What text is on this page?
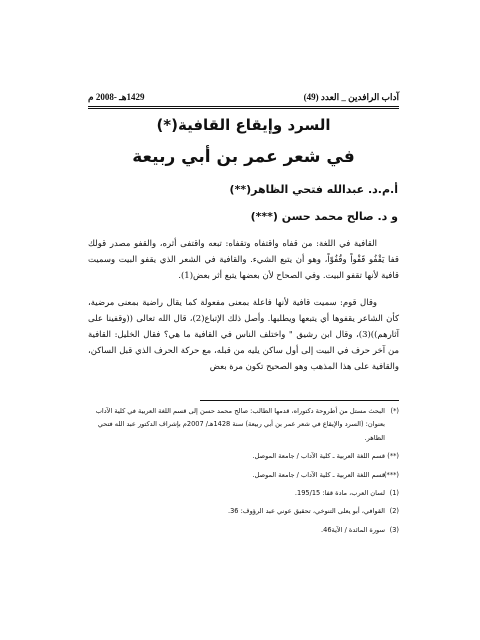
آداب الرافدين _ العدد (49)
1429هـ -2008 م
السرد وإيقاع القافية(*)
في شعر عمر بن أبي ربيعة
أ.م.د. عبدالله فتحي الظاهر(**)
و د. صالح محمد حسن (***)

القافية في اللغة: من قفاه واقتفاه وتقفاه: تبعه واقتفى أثره، والقفو مصدر قولك قفا يَقْفُو قَفْواً وقُفُوّاً، وهو أن يتبع الشيء. والقافية في الشعر الذي يقفو البيت وسميت قافية لأنها تقفو البيت. وفي الصحاح لأن بعضها يتبع أثر بعض(1).

وقال قوم: سميت قافية لأنها فاعلة بمعنى مفعولة كما يقال راضية بمعنى مرضية، كأن الشاعر يقفوها أي يتبعها ويطلبها. وأصل ذلك الإتباع(2)، قال الله تعالى ((وقفينا على آثارهم))(3)، وقال ابن رشيق " واختلف الناس في القافية ما هي؟ فقال الخليل: القافية من آخر حرف في البيت إلى أول ساكن يليه من قبله، مع حركة الحرف الذي قبل الساكن، والقافية على هذا المذهب وهو الصحيح تكون مرة بعض

(*)
البحث مستل من أطروحة دكتوراه، قدمها الطالب: صالح محمد حسن إلى قسم اللغة العربية في كلية الآداب بعنوان: (السرد والإيقاع في شعر عمر بن أبي ربيعة) سنة 1428هـ/ 2007م بإشراف الدكتور عبد الله فتحي الظاهر.
(**)
قسم اللغة العربية ـ كلية الآداب / جامعة الموصل.
(***)
قسم اللغة العربية ـ كلية الآداب / جامعة الموصل.
(1)
لسان العرب، مادة قفا: 195/15.
(2)
القوافي، أبو يعلى التنوخي، تحقيق عوني عبد الرؤوف: 36.
(3)
سورة المائدة / الآية46.
